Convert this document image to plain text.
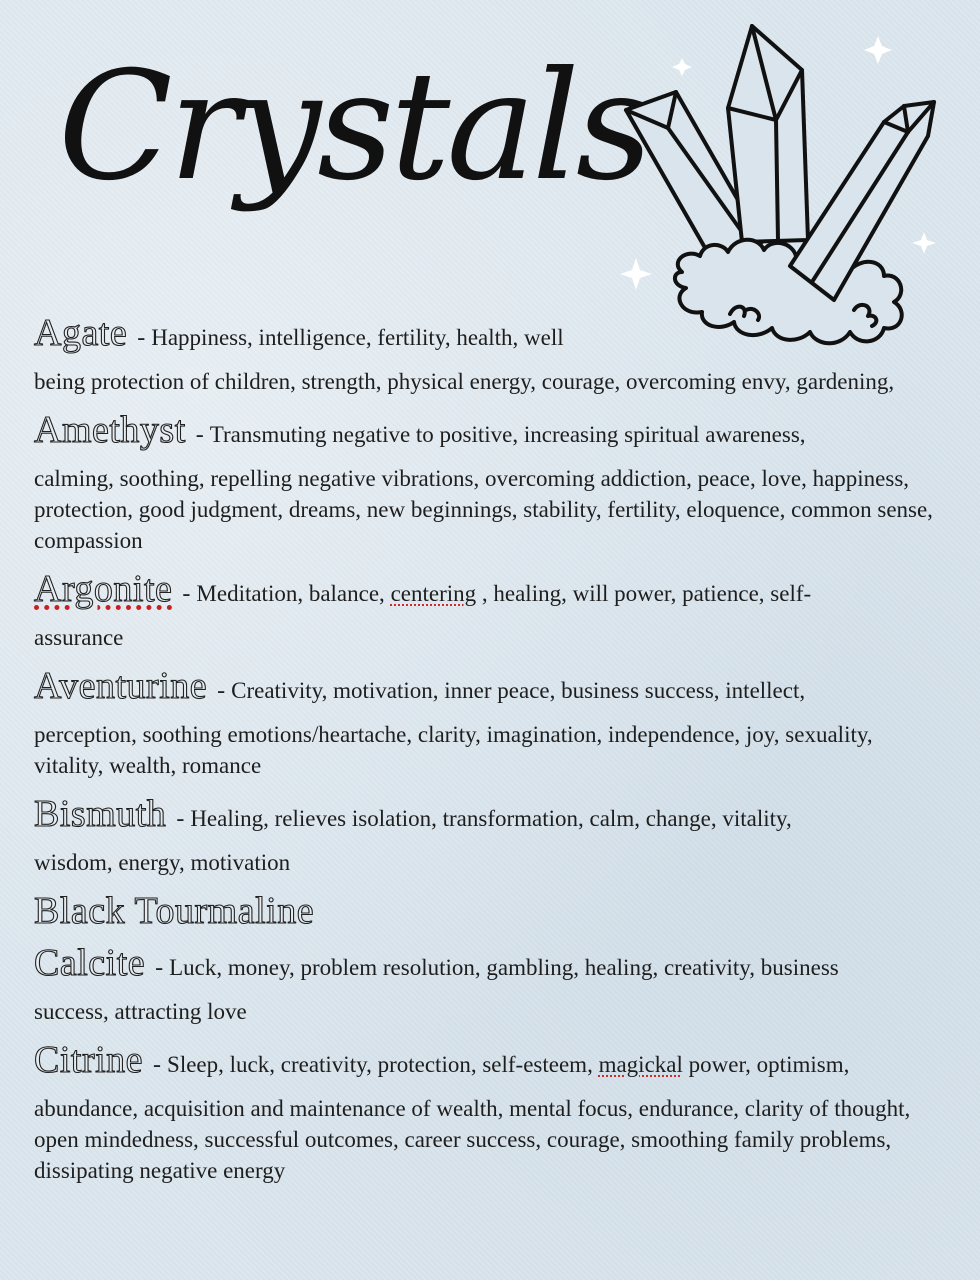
Crystals
Agate - Happiness, intelligence, fertility, health, well
being protection of children, strength, physical energy, courage, overcoming envy, gardening,
Amethyst - Transmuting negative to positive, increasing spiritual awareness,
calming, soothing, repelling negative vibrations, overcoming addiction, peace, love, happiness, protection, good judgment, dreams, new beginnings, stability, fertility, eloquence, common sense, compassion
Argonite - Meditation, balance, centering , healing, will power, patience, self-
assurance
Aventurine - Creativity, motivation, inner peace, business success, intellect,
perception, soothing emotions/heartache, clarity, imagination, independence, joy, sexuality, vitality, wealth, romance
Bismuth - Healing, relieves isolation, transformation, calm, change, vitality,
wisdom, energy, motivation
Black Tourmaline
Calcite - Luck, money, problem resolution, gambling, healing, creativity, business
success, attracting love
Citrine - Sleep, luck, creativity, protection, self-esteem, magickal power, optimism,
abundance, acquisition and maintenance of wealth, mental focus, endurance, clarity of thought, open mindedness, successful outcomes, career success, courage, smoothing family problems, dissipating negative energy
